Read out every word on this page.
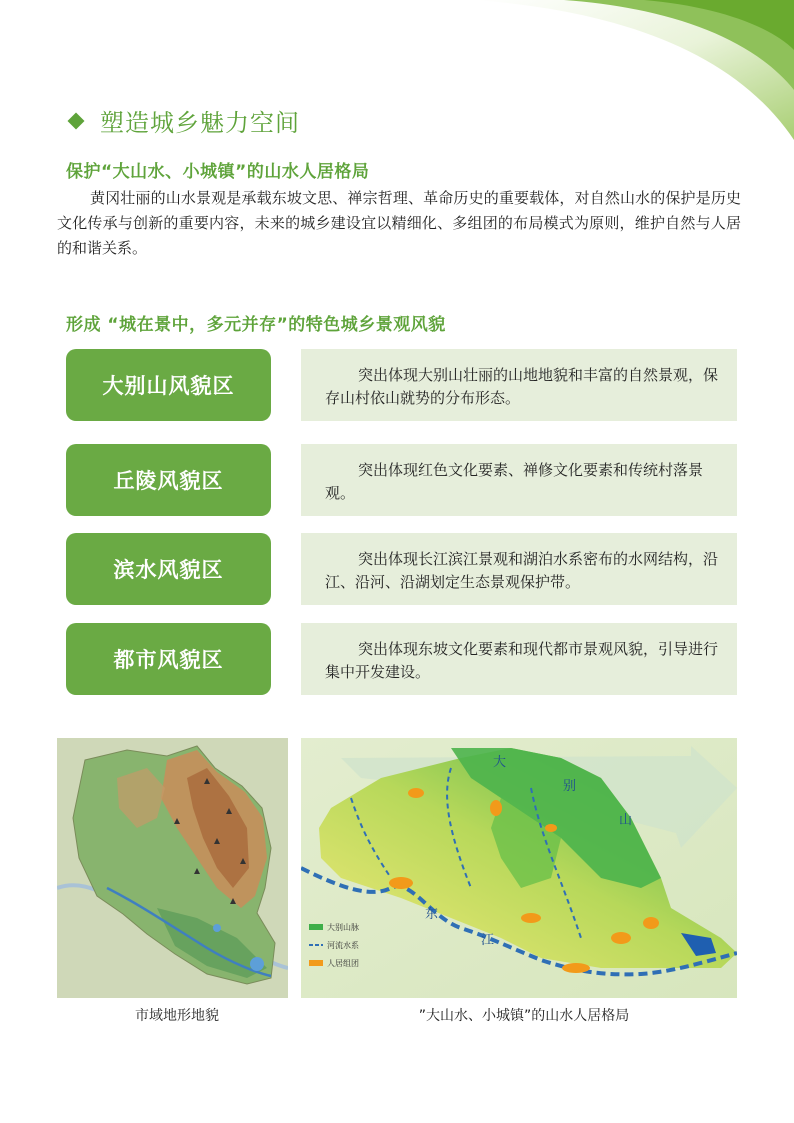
塑造城乡魅力空间
保护“大山水、小城镇”的山水人居格局
黄冈壮丽的山水景观是承载东坡文思、禅宗哲理、革命历史的重要载体，对自然山水的保护是历史文化传承与创新的重要内容，未来的城乡建设宜以精细化、多组团的布局模式为原则，维护自然与人居的和谐关系。
形成 “城在景中，多元并存”的特色城乡景观风貌
大别山风貌区	突出体现大别山壮丽的山地地貌和丰富的自然景观，保存山村依山就势的分布形态。
丘陵风貌区	突出体现红色文化要素、禅修文化要素和传统村落景观。
滨水风貌区	突出体现长江滨江景观和湖泊水系密布的水网结构，沿江、沿河、沿湖划定生态景观保护带。
都市风貌区	突出体现东坡文化要素和现代都市景观风貌，引导进行集中开发建设。
市域地形地貌
大
别
山
东
江
大别山脉
河流水系
人居组团
”大山水、小城镇”的山水人居格局
